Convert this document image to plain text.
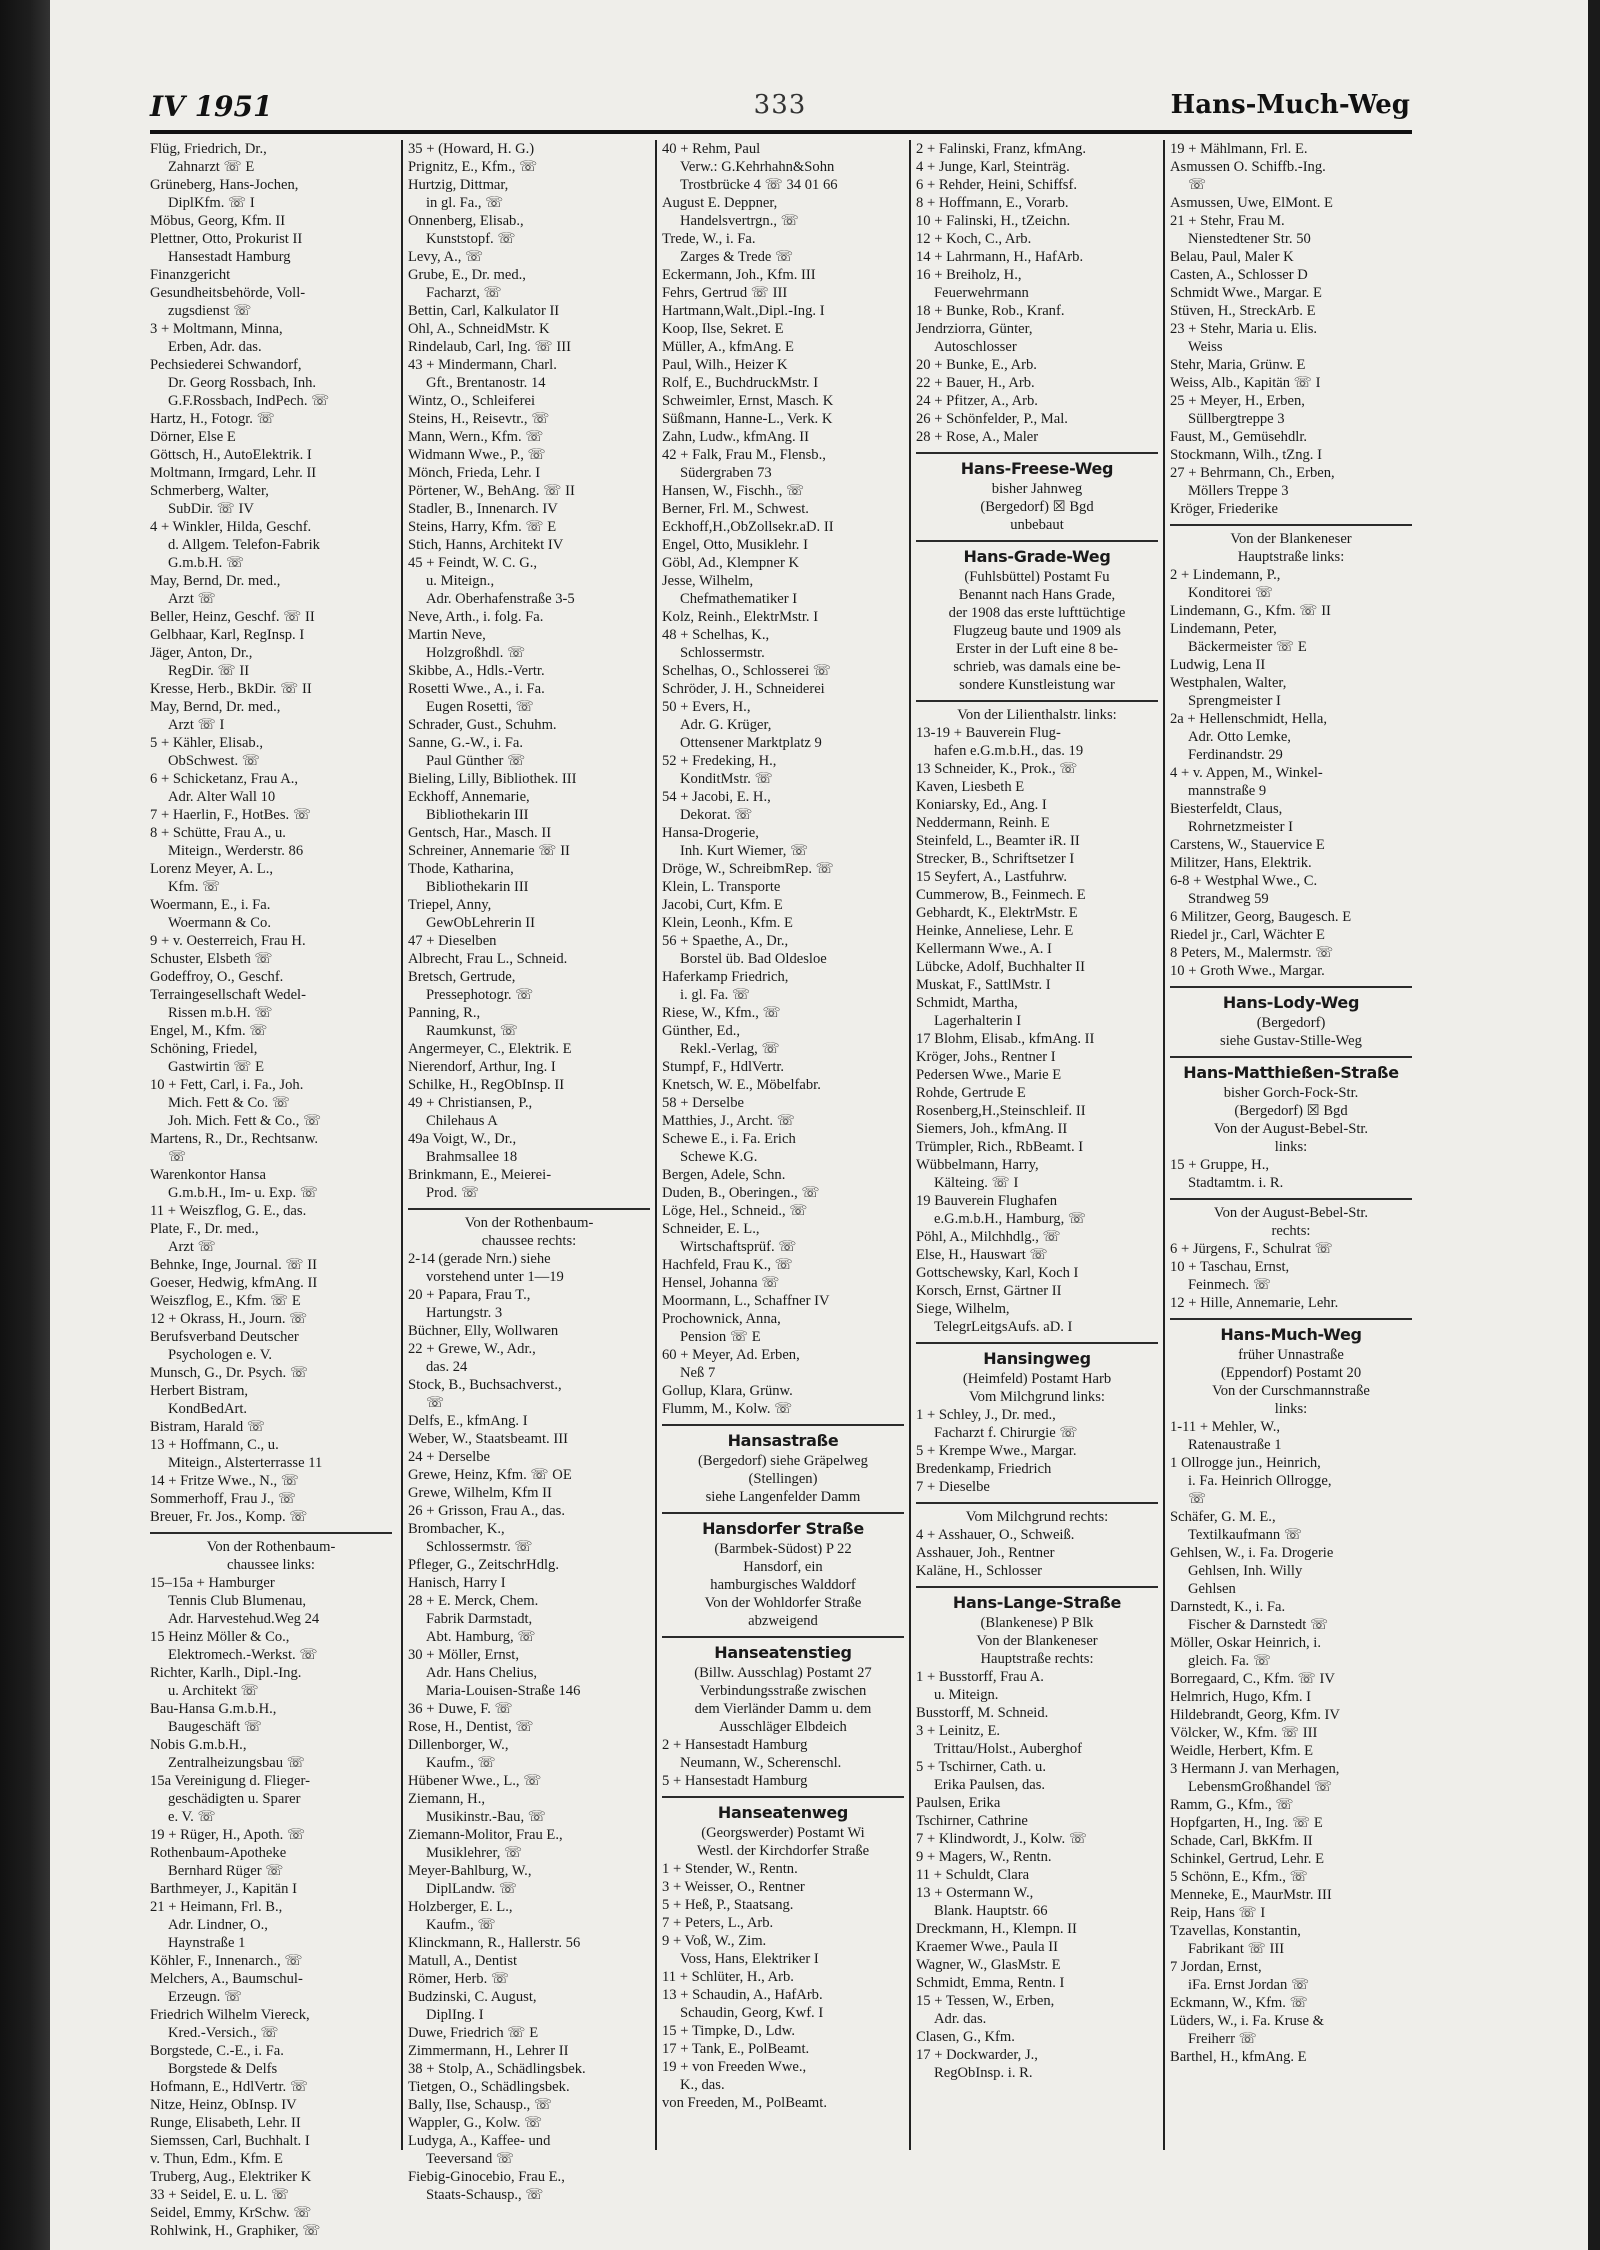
IV 1951	333	Hans-Much-Weg
Flüg, Friedrich, Dr.,
Zahnarzt ☏ E
Grüneberg, Hans-Jochen,
DiplKfm. ☏ I
Möbus, Georg, Kfm. II
Plettner, Otto, Prokurist II
Hansestadt Hamburg
Finanzgericht
Gesundheitsbehörde, Voll-
zugsdienst ☏
3 + Moltmann, Minna,
Erben, Adr. das.
Pechsiederei Schwandorf,
Dr. Georg Rossbach, Inh.
G.F.Rossbach, IndPech. ☏
Hartz, H., Fotogr. ☏
Dörner, Else E
Göttsch, H., AutoElektrik. I
Moltmann, Irmgard, Lehr. II
Schmerberg, Walter,
SubDir. ☏ IV
4 + Winkler, Hilda, Geschf.
d. Allgem. Telefon-Fabrik
G.m.b.H. ☏
May, Bernd, Dr. med.,
Arzt ☏
Beller, Heinz, Geschf. ☏ II
Gelbhaar, Karl, RegInsp. I
Jäger, Anton, Dr.,
RegDir. ☏ II
Kresse, Herb., BkDir. ☏ II
May, Bernd, Dr. med.,
Arzt ☏ I
5 + Kähler, Elisab.,
ObSchwest. ☏
6 + Schicketanz, Frau A.,
Adr. Alter Wall 10
7 + Haerlin, F., HotBes. ☏
8 + Schütte, Frau A., u.
Miteign., Werderstr. 86
Lorenz Meyer, A. L.,
Kfm. ☏
Woermann, E., i. Fa.
Woermann & Co.
9 + v. Oesterreich, Frau H.
Schuster, Elsbeth ☏
Godeffroy, O., Geschf.
Terraingesellschaft Wedel-
Rissen m.b.H. ☏
Engel, M., Kfm. ☏
Schöning, Friedel,
Gastwirtin ☏ E
10 + Fett, Carl, i. Fa., Joh.
Mich. Fett & Co. ☏
Joh. Mich. Fett & Co., ☏
Martens, R., Dr., Rechtsanw.
☏
Warenkontor Hansa
G.m.b.H., Im- u. Exp. ☏
11 + Weiszflog, G. E., das.
Plate, F., Dr. med.,
Arzt ☏
Behnke, Inge, Journal. ☏ II
Goeser, Hedwig, kfmAng. II
Weiszflog, E., Kfm. ☏ E
12 + Okrass, H., Journ. ☏
Berufsverband Deutscher
Psychologen e. V.
Munsch, G., Dr. Psych. ☏
Herbert Bistram,
KondBedArt.
Bistram, Harald ☏
13 + Hoffmann, C., u.
Miteign., Alsterterrasse 11
14 + Fritze Wwe., N., ☏
Sommerhoff, Frau J., ☏
Breuer, Fr. Jos., Komp. ☏
Von der Rothenbaum-
chaussee links:
15–15a + Hamburger
Tennis Club Blumenau,
Adr. Harvestehud.Weg 24
15 Heinz Möller & Co.,
Elektromech.-Werkst. ☏
Richter, Karlh., Dipl.-Ing.
u. Architekt ☏
Bau-Hansa G.m.b.H.,
Baugeschäft ☏
Nobis G.m.b.H.,
Zentralheizungsbau ☏
15a Vereinigung d. Flieger-
geschädigten u. Sparer
e. V. ☏
19 + Rüger, H., Apoth. ☏
Rothenbaum-Apotheke
Bernhard Rüger ☏
Barthmeyer, J., Kapitän I
21 + Heimann, Frl. B.,
Adr. Lindner, O.,
Haynstraße 1
Köhler, F., Innenarch., ☏
Melchers, A., Baumschul-
Erzeugn. ☏
Friedrich Wilhelm Viereck,
Kred.-Versich., ☏
Borgstede, C.-E., i. Fa.
Borgstede & Delfs
Hofmann, E., HdlVertr. ☏
Nitze, Heinz, ObInsp. IV
Runge, Elisabeth, Lehr. II
Siemssen, Carl, Buchhalt. I
v. Thun, Edm., Kfm. E
Truberg, Aug., Elektriker K
33 + Seidel, E. u. L. ☏
Seidel, Emmy, KrSchw. ☏
Rohlwink, H., Graphiker, ☏
35 + (Howard, H. G.)
Prignitz, E., Kfm., ☏
Hurtzig, Dittmar,
in gl. Fa., ☏
Onnenberg, Elisab.,
Kunststopf. ☏
Levy, A., ☏
Grube, E., Dr. med.,
Facharzt, ☏
Bettin, Carl, Kalkulator II
Ohl, A., SchneidMstr. K
Rindelaub, Carl, Ing. ☏ III
43 + Mindermann, Charl.
Gft., Brentanostr. 14
Wintz, O., Schleiferei
Steins, H., Reisevtr., ☏
Mann, Wern., Kfm. ☏
Widmann Wwe., P., ☏
Mönch, Frieda, Lehr. I
Pörtener, W., BehAng. ☏ II
Stadler, B., Innenarch. IV
Steins, Harry, Kfm. ☏ E
Stich, Hanns, Architekt IV
45 + Feindt, W. C. G.,
u. Miteign.,
Adr. Oberhafenstraße 3-5
Neve, Arth., i. folg. Fa.
Martin Neve,
Holzgroßhdl. ☏
Skibbe, A., Hdls.-Vertr.
Rosetti Wwe., A., i. Fa.
Eugen Rosetti, ☏
Schrader, Gust., Schuhm.
Sanne, G.-W., i. Fa.
Paul Günther ☏
Bieling, Lilly, Bibliothek. III
Eckhoff, Annemarie,
Bibliothekarin III
Gentsch, Har., Masch. II
Schreiner, Annemarie ☏ II
Thode, Katharina,
Bibliothekarin III
Triepel, Anny,
GewObLehrerin II
47 + Dieselben
Albrecht, Frau L., Schneid.
Bretsch, Gertrude,
Pressephotogr. ☏
Panning, R.,
Raumkunst, ☏
Angermeyer, C., Elektrik. E
Nierendorf, Arthur, Ing. I
Schilke, H., RegObInsp. II
49 + Christiansen, P.,
Chilehaus A
49a Voigt, W., Dr.,
Brahmsallee 18
Brinkmann, E., Meierei-
Prod. ☏
Von der Rothenbaum-
chaussee rechts:
2-14 (gerade Nrn.) siehe
vorstehend unter 1—19
20 + Papara, Frau T.,
Hartungstr. 3
Büchner, Elly, Wollwaren
22 + Grewe, W., Adr.,
das. 24
Stock, B., Buchsachverst.,
☏
Delfs, E., kfmAng. I
Weber, W., Staatsbeamt. III
24 + Derselbe
Grewe, Heinz, Kfm. ☏ OE
Grewe, Wilhelm, Kfm II
26 + Grisson, Frau A., das.
Brombacher, K.,
Schlossermstr. ☏
Pfleger, G., ZeitschrHdlg.
Hanisch, Harry I
28 + E. Merck, Chem.
Fabrik Darmstadt,
Abt. Hamburg, ☏
30 + Möller, Ernst,
Adr. Hans Chelius,
Maria-Louisen-Straße 146
36 + Duwe, F. ☏
Rose, H., Dentist, ☏
Dillenborger, W.,
Kaufm., ☏
Hübener Wwe., L., ☏
Ziemann, H.,
Musikinstr.-Bau, ☏
Ziemann-Molitor, Frau E.,
Musiklehrer, ☏
Meyer-Bahlburg, W.,
DiplLandw. ☏
Holzberger, E. L.,
Kaufm., ☏
Klinckmann, R., Hallerstr. 56
Matull, A., Dentist
Römer, Herb. ☏
Budzinski, C. August,
DiplIng. I
Duwe, Friedrich ☏ E
Zimmermann, H., Lehrer II
38 + Stolp, A., Schädlingsbek.
Tietgen, O., Schädlingsbek.
Bally, Ilse, Schausp., ☏
Wappler, G., Kolw. ☏
Ludyga, A., Kaffee- und
Teeversand ☏
Fiebig-Ginocebio, Frau E.,
Staats-Schausp., ☏
40 + Rehm, Paul
Verw.: G.Kehrhahn&Sohn
Trostbrücke 4 ☏ 34 01 66
August E. Deppner,
Handelsvertrgn., ☏
Trede, W., i. Fa.
Zarges & Trede ☏
Eckermann, Joh., Kfm. III
Fehrs, Gertrud ☏ III
Hartmann,Walt.,Dipl.-Ing. I
Koop, Ilse, Sekret. E
Müller, A., kfmAng. E
Paul, Wilh., Heizer K
Rolf, E., BuchdruckMstr. I
Schweimler, Ernst, Masch. K
Süßmann, Hanne-L., Verk. K
Zahn, Ludw., kfmAng. II
42 + Falk, Frau M., Flensb.,
Südergraben 73
Hansen, W., Fischh., ☏
Berner, Frl. M., Schwest.
Eckhoff,H.,ObZollsekr.aD. II
Engel, Otto, Musiklehr. I
Göbl, Ad., Klempner K
Jesse, Wilhelm,
Chefmathematiker I
Kolz, Reinh., ElektrMstr. I
48 + Schelhas, K.,
Schlossermstr.
Schelhas, O., Schlosserei ☏
Schröder, J. H., Schneiderei
50 + Evers, H.,
Adr. G. Krüger,
Ottensener Marktplatz 9
52 + Fredeking, H.,
KonditMstr. ☏
54 + Jacobi, E. H.,
Dekorat. ☏
Hansa-Drogerie,
Inh. Kurt Wiemer, ☏
Dröge, W., SchreibmRep. ☏
Klein, L. Transporte
Jacobi, Curt, Kfm. E
Klein, Leonh., Kfm. E
56 + Spaethe, A., Dr.,
Borstel üb. Bad Oldesloe
Haferkamp Friedrich,
i. gl. Fa. ☏
Riese, W., Kfm., ☏
Günther, Ed.,
Rekl.-Verlag, ☏
Stumpf, F., HdlVertr.
Knetsch, W. E., Möbelfabr.
58 + Derselbe
Matthies, J., Archt. ☏
Schewe E., i. Fa. Erich
Schewe K.G.
Bergen, Adele, Schn.
Duden, B., Oberingen., ☏
Löge, Hel., Schneid., ☏
Schneider, E. L.,
Wirtschaftsprüf. ☏
Hachfeld, Frau K., ☏
Hensel, Johanna ☏
Moormann, L., Schaffner IV
Prochownick, Anna,
Pension ☏ E
60 + Meyer, Ad. Erben,
Neß 7
Gollup, Klara, Grünw.
Flumm, M., Kolw. ☏
Hansastraße
(Bergedorf) siehe Gräpelweg
(Stellingen)
siehe Langenfelder Damm
Hansdorfer Straße
(Barmbek-Südost) P 22
Hansdorf, ein
hamburgisches Walddorf
Von der Wohldorfer Straße
abzweigend
Hanseatenstieg
(Billw. Ausschlag) Postamt 27
Verbindungsstraße zwischen
dem Vierländer Damm u. dem
Ausschläger Elbdeich
2 + Hansestadt Hamburg
Neumann, W., Scherenschl.
5 + Hansestadt Hamburg
Hanseatenweg
(Georgswerder) Postamt Wi
Westl. der Kirchdorfer Straße
1 + Stender, W., Rentn.
3 + Weisser, O., Rentner
5 + Heß, P., Staatsang.
7 + Peters, L., Arb.
9 + Voß, W., Zim.
Voss, Hans, Elektriker I
11 + Schlüter, H., Arb.
13 + Schaudin, A., HafArb.
Schaudin, Georg, Kwf. I
15 + Timpke, D., Ldw.
17 + Tank, E., PolBeamt.
19 + von Freeden Wwe.,
K., das.
von Freeden, M., PolBeamt.
2 + Falinski, Franz, kfmAng.
4 + Junge, Karl, Steinträg.
6 + Rehder, Heini, Schiffsf.
8 + Hoffmann, E., Vorarb.
10 + Falinski, H., tZeichn.
12 + Koch, C., Arb.
14 + Lahrmann, H., HafArb.
16 + Breiholz, H.,
Feuerwehrmann
18 + Bunke, Rob., Kranf.
Jendrziorra, Günter,
Autoschlosser
20 + Bunke, E., Arb.
22 + Bauer, H., Arb.
24 + Pfitzer, A., Arb.
26 + Schönfelder, P., Mal.
28 + Rose, A., Maler
Hans-Freese-Weg
bisher Jahnweg
(Bergedorf) ☒ Bgd
unbebaut
Hans-Grade-Weg
(Fuhlsbüttel) Postamt Fu
Benannt nach Hans Grade,
der 1908 das erste lufttüchtige
Flugzeug baute und 1909 als
Erster in der Luft eine 8 be-
schrieb, was damals eine be-
sondere Kunstleistung war
Von der Lilienthalstr. links:
13-19 + Bauverein Flug-
hafen e.G.m.b.H., das. 19
13 Schneider, K., Prok., ☏
Kaven, Liesbeth E
Koniarsky, Ed., Ang. I
Neddermann, Reinh. E
Steinfeld, L., Beamter iR. II
Strecker, B., Schriftsetzer I
15 Seyfert, A., Lastfuhrw.
Cummerow, B., Feinmech. E
Gebhardt, K., ElektrMstr. E
Heinke, Anneliese, Lehr. E
Kellermann Wwe., A. I
Lübcke, Adolf, Buchhalter II
Muskat, F., SattlMstr. I
Schmidt, Martha,
Lagerhalterin I
17 Blohm, Elisab., kfmAng. II
Kröger, Johs., Rentner I
Pedersen Wwe., Marie E
Rohde, Gertrude E
Rosenberg,H.,Steinschleif. II
Siemers, Joh., kfmAng. II
Trümpler, Rich., RbBeamt. I
Wübbelmann, Harry,
Kälteing. ☏ I
19 Bauverein Flughafen
e.G.m.b.H., Hamburg, ☏
Pöhl, A., Milchhdlg., ☏
Else, H., Hauswart ☏
Gottschewsky, Karl, Koch I
Korsch, Ernst, Gärtner II
Siege, Wilhelm,
TelegrLeitgsAufs. aD. I
Hansingweg
(Heimfeld) Postamt Harb
Vom Milchgrund links:
1 + Schley, J., Dr. med.,
Facharzt f. Chirurgie ☏
5 + Krempe Wwe., Margar.
Bredenkamp, Friedrich
7 + Dieselbe
Vom Milchgrund rechts:
4 + Asshauer, O., Schweiß.
Asshauer, Joh., Rentner
Kaläne, H., Schlosser
Hans-Lange-Straße
(Blankenese) P Blk
Von der Blankeneser
Hauptstraße rechts:
1 + Busstorff, Frau A.
u. Miteign.
Busstorff, M. Schneid.
3 + Leinitz, E.
Trittau/Holst., Auberghof
5 + Tschirner, Cath. u.
Erika Paulsen, das.
Paulsen, Erika
Tschirner, Cathrine
7 + Klindwordt, J., Kolw. ☏
9 + Magers, W., Rentn.
11 + Schuldt, Clara
13 + Ostermann W.,
Blank. Hauptstr. 66
Dreckmann, H., Klempn. II
Kraemer Wwe., Paula II
Wagner, W., GlasMstr. E
Schmidt, Emma, Rentn. I
15 + Tessen, W., Erben,
Adr. das.
Clasen, G., Kfm.
17 + Dockwarder, J.,
RegObInsp. i. R.
19 + Mählmann, Frl. E.
Asmussen O. Schiffb.-Ing.
☏
Asmussen, Uwe, ElMont. E
21 + Stehr, Frau M.
Nienstedtener Str. 50
Belau, Paul, Maler K
Casten, A., Schlosser D
Schmidt Wwe., Margar. E
Stüven, H., StreckArb. E
23 + Stehr, Maria u. Elis.
Weiss
Stehr, Maria, Grünw. E
Weiss, Alb., Kapitän ☏ I
25 + Meyer, H., Erben,
Süllbergtreppe 3
Faust, M., Gemüsehdlr.
Stockmann, Wilh., tZng. I
27 + Behrmann, Ch., Erben,
Möllers Treppe 3
Kröger, Friederike
Von der Blankeneser
Hauptstraße links:
2 + Lindemann, P.,
Konditorei ☏
Lindemann, G., Kfm. ☏ II
Lindemann, Peter,
Bäckermeister ☏ E
Ludwig, Lena II
Westphalen, Walter,
Sprengmeister I
2a + Hellenschmidt, Hella,
Adr. Otto Lemke,
Ferdinandstr. 29
4 + v. Appen, M., Winkel-
mannstraße 9
Biesterfeldt, Claus,
Rohrnetzmeister I
Carstens, W., Stauervice E
Militzer, Hans, Elektrik.
6-8 + Westphal Wwe., C.
Strandweg 59
6 Militzer, Georg, Baugesch. E
Riedel jr., Carl, Wächter E
8 Peters, M., Malermstr. ☏
10 + Groth Wwe., Margar.
Hans-Lody-Weg
(Bergedorf)
siehe Gustav-Stille-Weg
Hans-Matthießen-Straße
bisher Gorch-Fock-Str.
(Bergedorf) ☒ Bgd
Von der August-Bebel-Str.
links:
15 + Gruppe, H.,
Stadtamtm. i. R.
Von der August-Bebel-Str.
rechts:
6 + Jürgens, F., Schulrat ☏
10 + Taschau, Ernst,
Feinmech. ☏
12 + Hille, Annemarie, Lehr.
Hans-Much-Weg
früher Unnastraße
(Eppendorf) Postamt 20
Von der Curschmannstraße
links:
1-11 + Mehler, W.,
Ratenaustraße 1
1 Ollrogge jun., Heinrich,
i. Fa. Heinrich Ollrogge,
☏
Schäfer, G. M. E.,
Textilkaufmann ☏
Gehlsen, W., i. Fa. Drogerie
Gehlsen, Inh. Willy
Gehlsen
Darnstedt, K., i. Fa.
Fischer & Darnstedt ☏
Möller, Oskar Heinrich, i.
gleich. Fa. ☏
Borregaard, C., Kfm. ☏ IV
Helmrich, Hugo, Kfm. I
Hildebrandt, Georg, Kfm. IV
Völcker, W., Kfm. ☏ III
Weidle, Herbert, Kfm. E
3 Hermann J. van Merhagen,
LebensmGroßhandel ☏
Ramm, G., Kfm., ☏
Hopfgarten, H., Ing. ☏ E
Schade, Carl, BkKfm. II
Schinkel, Gertrud, Lehr. E
5 Schönn, E., Kfm., ☏
Menneke, E., MaurMstr. III
Reip, Hans ☏ I
Tzavellas, Konstantin,
Fabrikant ☏ III
7 Jordan, Ernst,
iFa. Ernst Jordan ☏
Eckmann, W., Kfm. ☏
Lüders, W., i. Fa. Kruse &
Freiherr ☏
Barthel, H., kfmAng. E
